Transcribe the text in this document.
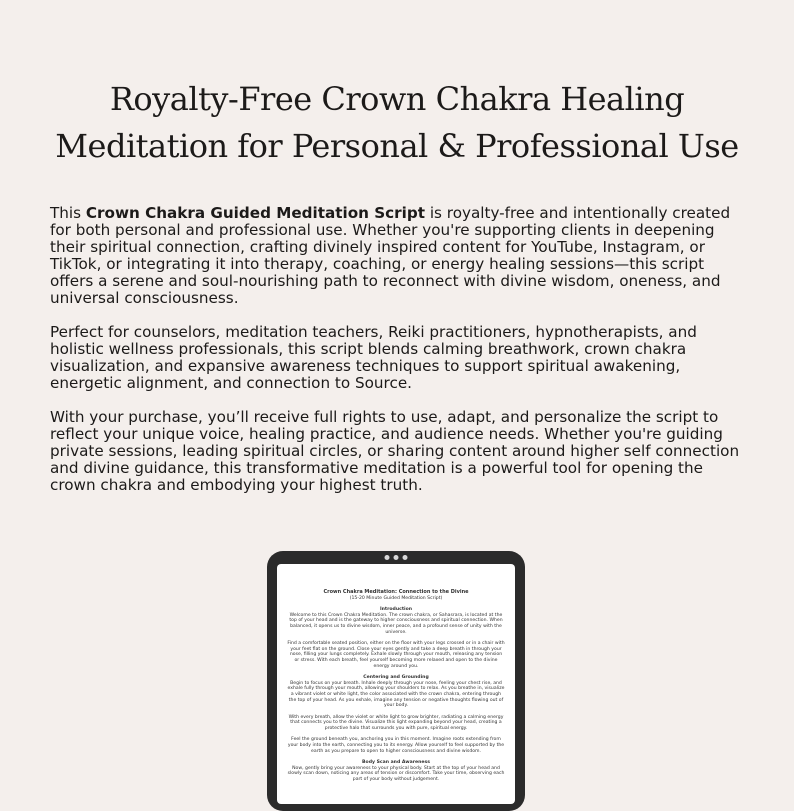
Royalty-Free Crown Chakra Healing
Meditation for Personal & Professional Use

This Crown Chakra Guided Meditation Script is royalty-free and intentionally created for both personal and professional use. Whether you're supporting clients in deepening their spiritual connection, crafting divinely inspired content for YouTube, Instagram, or TikTok, or integrating it into therapy, coaching, or energy healing sessions—this script offers a serene and soul-nourishing path to reconnect with divine wisdom, oneness, and universal consciousness.

Perfect for counselors, meditation teachers, Reiki practitioners, hypnotherapists, and holistic wellness professionals, this script blends calming breathwork, crown chakra visualization, and expansive awareness techniques to support spiritual awakening, energetic alignment, and connection to Source.

With your purchase, you’ll receive full rights to use, adapt, and personalize the script to reflect your unique voice, healing practice, and audience needs. Whether you're guiding private sessions, leading spiritual circles, or sharing content around higher self connection and divine guidance, this transformative meditation is a powerful tool for opening the crown chakra and embodying your highest truth.

Crown Chakra Meditation: Connection to the Divine
(15-20 Minute Guided Meditation Script)
Introduction

Welcome to this Crown Chakra Meditation. The crown chakra, or Sahasrara, is located at the top of your head and is the gateway to higher consciousness and spiritual connection. When balanced, it opens us to divine wisdom, inner peace, and a profound sense of unity with the universe.

Find a comfortable seated position, either on the floor with your legs crossed or in a chair with your feet flat on the ground. Close your eyes gently and take a deep breath in through your nose, filling your lungs completely. Exhale slowly through your mouth, releasing any tension or stress. With each breath, feel yourself becoming more relaxed and open to the divine energy around you.

Centering and Grounding

Begin to focus on your breath. Inhale deeply through your nose, feeling your chest rise, and exhale fully through your mouth, allowing your shoulders to relax. As you breathe in, visualize a vibrant violet or white light, the color associated with the crown chakra, entering through the top of your head. As you exhale, imagine any tension or negative thoughts flowing out of your body.

With every breath, allow the violet or white light to grow brighter, radiating a calming energy that connects you to the divine. Visualize this light expanding beyond your head, creating a protective halo that surrounds you with pure, spiritual energy.

Feel the ground beneath you, anchoring you in this moment. Imagine roots extending from your body into the earth, connecting you to its energy. Allow yourself to feel supported by the earth as you prepare to open to higher consciousness and divine wisdom.

Body Scan and Awareness

Now, gently bring your awareness to your physical body. Start at the top of your head and slowly scan down, noticing any areas of tension or discomfort. Take your time, observing each part of your body without judgement.
